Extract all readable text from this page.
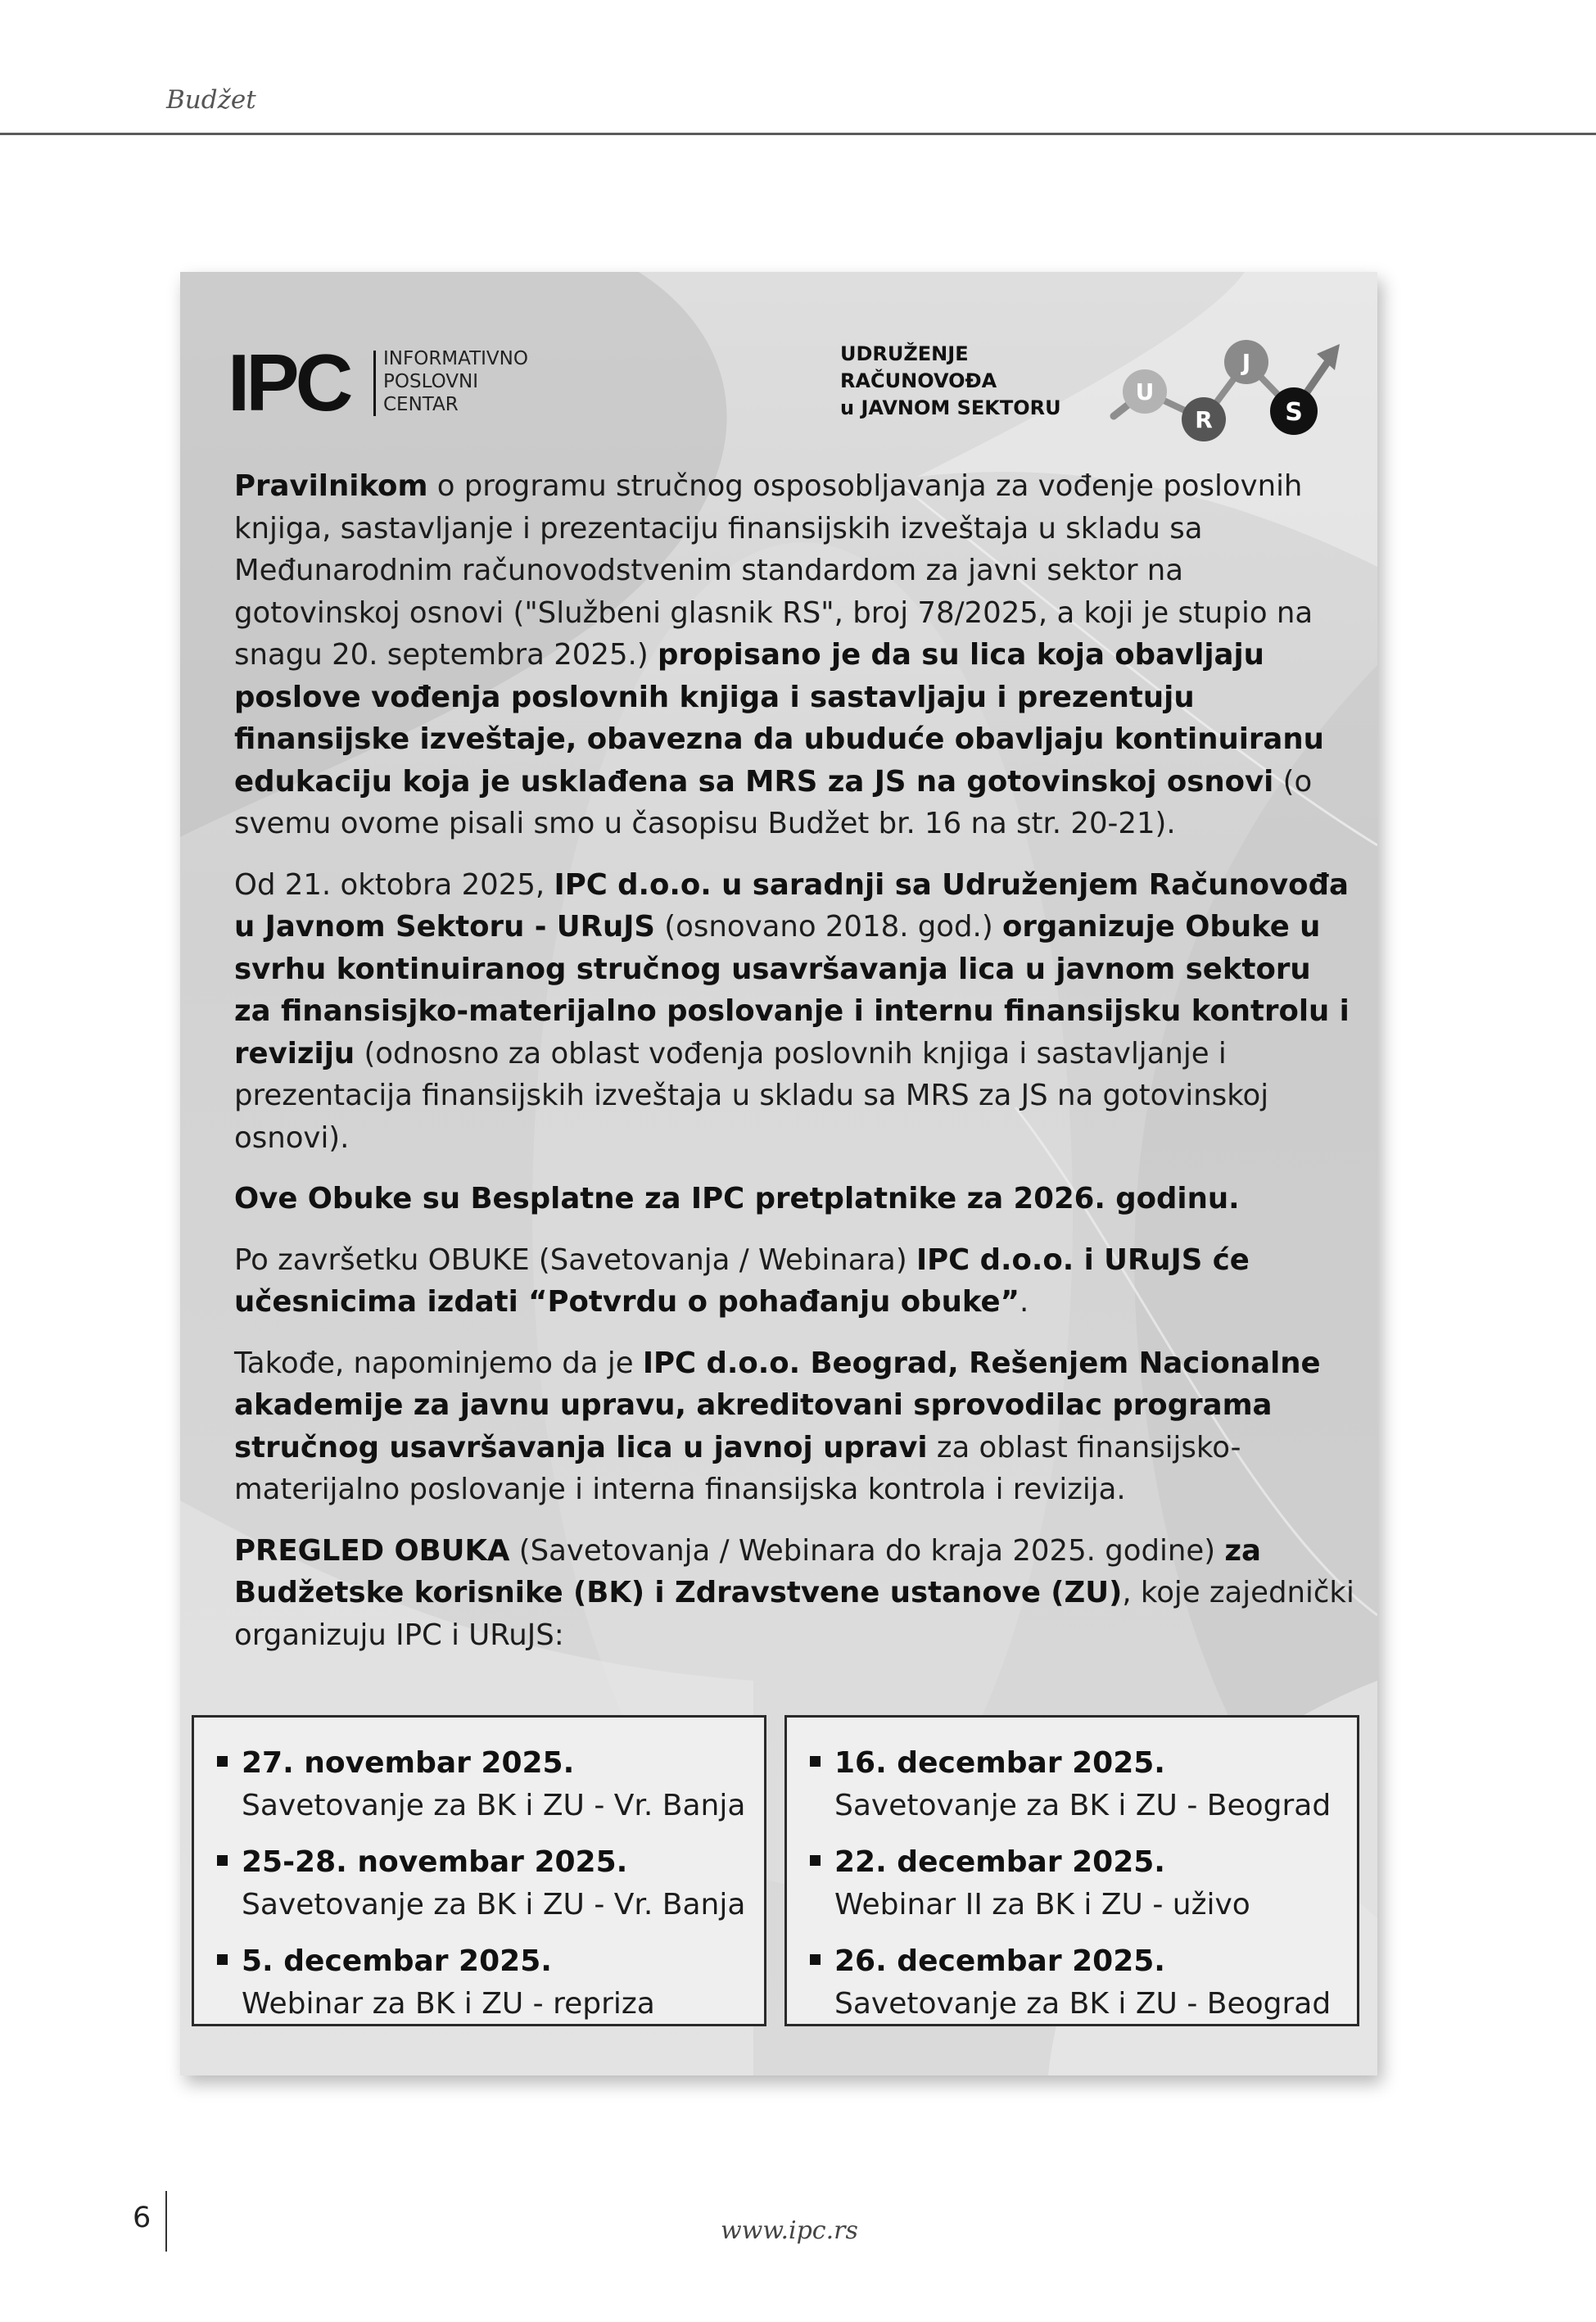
Budžet
IPC INFORMATIVNO
POSLOVNI
CENTAR
UDRUŽENJE
RAČUNOVOĐA
u JAVNOM SEKTORU
U
J
R	S

Pravilnikom o programu stručnog osposobljavanja za vođenje poslovnih knjiga, sastavljanje i prezentaciju finansijskih izveštaja u skladu sa Međunarodnim računovodstvenim standardom za javni sektor na gotovinskoj osnovi ("Službeni glasnik RS", broj 78/2025, a koji je stupio na snagu 20. septembra 2025.) propisano je da su lica koja obavljaju poslove vođenja poslovnih knjiga i sastavljaju i prezentuju finansijske izveštaje, obavezna da ubuduće obavljaju kontinuiranu edukaciju koja je usklađena sa MRS za JS na gotovinskoj osnovi (o svemu ovome pisali smo u časopisu Budžet br. 16 na str. 20-21).

Od 21. oktobra 2025, IPC d.o.o. u saradnji sa Udruženjem Računovođa u Javnom Sektoru - URuJS (osnovano 2018. god.) organizuje Obuke u svrhu kontinuiranog stručnog usavršavanja lica u javnom sektoru za finansisjko-materijalno poslovanje i internu finansijsku kontrolu i reviziju (odnosno za oblast vođenja poslovnih knjiga i sastavljanje i prezentacija finansijskih izveštaja u skladu sa MRS za JS na gotovinskoj osnovi).

Ove Obuke su Besplatne za IPC pretplatnike za 2026. godinu.

Po završetku OBUKE (Savetovanja / Webinara) IPC d.o.o. i URuJS će učesnicima izdati “Potvrdu o pohađanju obuke”.

Takođe, napominjemo da je IPC d.o.o. Beograd, Rešenjem Nacionalne akademije za javnu upravu, akreditovani sprovodilac programa stručnog usavršavanja lica u javnoj upravi za oblast finansijsko-materijalno poslovanje i interna finansijska kontrola i revizija.

PREGLED OBUKA (Savetovanja / Webinara do kraja 2025. godine) za Budžetske korisnike (BK) i Zdravstvene ustanove (ZU), koje zajednički organizuju IPC i URuJS:

27. novembar 2025.
Savetovanje za BK i ZU - Vr. Banja
25-28. novembar 2025.
Savetovanje za BK i ZU - Vr. Banja
5. decembar 2025.
Webinar za BK i ZU - repriza
16. decembar 2025.
Savetovanje za BK i ZU - Beograd
22. decembar 2025.
Webinar II za BK i ZU - uživo
26. decembar 2025.
Savetovanje za BK i ZU - Beograd
6	www.ipc.rs
